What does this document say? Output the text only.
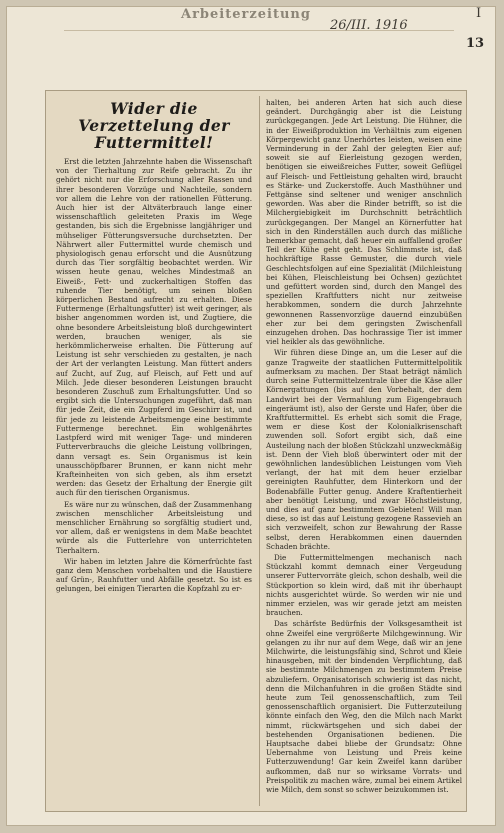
Arbeiterzeitung
26/III. 1916
I
13
Wider die Verzettelung der Futtermittel!

Erst die letzten Jahrzehnte haben die Wissenschaft von der Tierhaltung zur Reife gebracht. Zu ihr gehört nicht nur die Erforschung aller Rassen und ihrer besonderen Vorzüge und Nachteile, sondern vor allem die Lehre von der rationellen Fütterung. Auch hier ist der Altväterbrauch lange einer wissenschaftlich geleiteten Praxis im Wege gestanden, bis sich die Ergebnisse langjähriger und mühseliger Fütterungsversuche durchsetzten. Der Nährwert aller Futtermittel wurde chemisch und physiologisch genau erforscht und die Ausnützung durch das Tier sorgfältig beobachtet werden. Wir wissen heute genau, welches Mindestmaß an Eiweiß-, Fett- und zuckerhaltigen Stoffen das ruhende Tier benötigt, um seinen bloßen körperlichen Bestand aufrecht zu erhalten. Diese Futtermenge (Erhaltungsfutter) ist weit geringer, als bisher angenommen worden ist, und Zugtiere, die ohne besondere Arbeitsleistung bloß durchgewintert werden, brauchen weniger, als sie herkömmlicherweise erhalten. Die Fütterung auf Leistung ist sehr verschieden zu gestalten, je nach der Art der verlangten Leistung. Man füttert anders auf Zucht, auf Zug, auf Fleisch, auf Fett und auf Milch. Jede dieser besonderen Leistungen braucht besonderen Zuschuß zum Erhaltungsfutter. Und so ergibt sich die Untersuchungen zugeführt, daß man für jede Zeit, die ein Zugpferd im Geschirr ist, und für jede zu leistende Arbeitsmenge eine bestimmte Futtermenge berechnet. Ein wohlgenährtes Lastpferd wird mit weniger Tage- und minderen Futterverbrauchs die gleiche Leistung vollbringen, dann versagt es. Sein Organismus ist kein unausschöpfbarer Brunnen, er kann nicht mehr Krafteinheiten von sich geben, als ihm ersetzt werden: das Gesetz der Erhaltung der Energie gilt auch für den tierischen Organismus.

Es wäre nur zu wünschen, daß der Zusammenhang zwischen menschlicher Arbeitsleistung und menschlicher Ernährung so sorgfältig studiert und, vor allem, daß er wenigstens in dem Maße beachtet würde als die Futterlehre von unterrichteten Tierhaltern.

Wir haben im letzten Jahre die Körnerfrüchte fast ganz dem Menschen vorbehalten und die Haustiere auf Grün-, Rauhfutter und Abfälle gesetzt. So ist es gelungen, bei einigen Tierarten die Kopfzahl zu er-

halten, bei anderen Arten hat sich auch diese geändert. Durchgängig aber ist die Leistung zurückgegangen. Jede Art Leistung. Die Hühner, die in der Eiweißproduktion im Verhältnis zum eigenen Körpergewicht ganz Unerhörtes leisten, weisen eine Verminderung in der Zahl der gelegten Eier auf; soweit sie auf Eierleistung gezogen werden, benötigen sie eiweißreiches Futter, soweit Geflügel auf Fleisch- und Fettleistung gehalten wird, braucht es Stärke- und Zuckerstoffe. Auch Masthühner und Fettgänse sind seltener und weniger anschnlich geworden. Was aber die Rinder betrifft, so ist die Milchergiebigkeit im Durchschnitt beträchtlich zurückgegangen. Der Mangel an Körnerfutter hat sich in den Rinderställen auch durch das mißliche bemerkbar gemacht, daß heuer ein auffallend großer Teil der Kühe geht geht. Das Schlimmste ist, daß hochkräftige Rasse Gemuster, die durch viele Geschlechtsfolgen auf eine Spezialität (Milchleistung bei Kühen, Fleischleistung bei Ochsen) gezüchtet und gefüttert worden sind, durch den Mangel des speziellen Kraftfutters nicht nur zeitweise herabkommen, sondern die durch Jahrzehnte gewonnenen Rassenvorzüge dauernd einzubüßen eher zur bei dem geringsten Zwischenfall einzugehen drohen. Das hochrassige Tier ist immer viel heikler als das gewöhnliche.

Wir führen diese Dinge an, um die Leser auf die ganze Tragweite der staatlichen Futtermittelpolitik aufmerksam zu machen. Der Staat beträgt nämlich durch seine Futtermittelzentrale über die Käse aller Körnergattungen (bis auf den Vorbehalt, der dem Landwirt bei der Vermahlung zum Eigengebrauch eingeräumt ist), also der Gerste und Hafer, über die Kraftfuttermittel. Es erhebt sich somit die Frage, wem er diese Kost der Kolonialkrisenschaft zuwenden soll. Sofort ergibt sich, daß eine Austeilung nach der bloßen Stückzahl unzweckmäßig ist. Denn der Vieh bloß überwintert oder mit der gewöhnlichen landesüblichen Leistungen vom Vieh verlangt, der hat mit dem heuer erzielbar gereinigten Rauhfutter, dem Hinterkorn und der Bodenabfälle Futter genug. Andere Kraftentierheit aber benötigt Leistung, und zwar Höchstleistung, und dies auf ganz bestimmtem Gebieten! Will man diese, so ist das auf Leistung gezogene Rassevieh an sich verzweifelt, schon zur Bewahrung der Rasse selbst, deren Herabkommen einen dauernden Schaden brächte.

Die Futtermittelmengen mechanisch nach Stückzahl kommt demnach einer Vergeudung unserer Futtervorräte gleich, schon deshalb, weil die Stückportion so klein wird, daß mit ihr überhaupt nichts ausgerichtet würde. So werden wir nie und nimmer erzielen, was wir gerade jetzt am meisten brauchen.

Das schärfste Bedürfnis der Volksgesamtheit ist ohne Zweifel eine vergrößerte Milchgewinnung. Wir gelangen zu ihr nur auf dem Wege, daß wir an jene Milchwirte, die leistungsfähig sind, Schrot und Kleie hinausgeben, mit der bindenden Verpflichtung, daß sie bestimmte Milchmengen zu bestimmtem Preise abzuliefern. Organisatorisch schwierig ist das nicht, denn die Milchanfuhren in die großen Städte sind heute zum Teil genossenschaftlich, zum Teil genossenschaftlich organisiert. Die Futterzuteilung könnte einfach den Weg, den die Milch nach Markt nimmt, rückwärtsgehen und sich dabei der bestehenden Organisationen bedienen. Die Hauptsache dabei bliebe der Grundsatz: Ohne Uebernahme von Leistung und Preis keine Futterzuwendung! Gar kein Zweifel kann darüber aufkommen, daß nur so wirksame Vorrats- und Preispolitik zu machen wäre, zumal bei einem Artikel wie Milch, dem sonst so schwer beizukommen ist.
